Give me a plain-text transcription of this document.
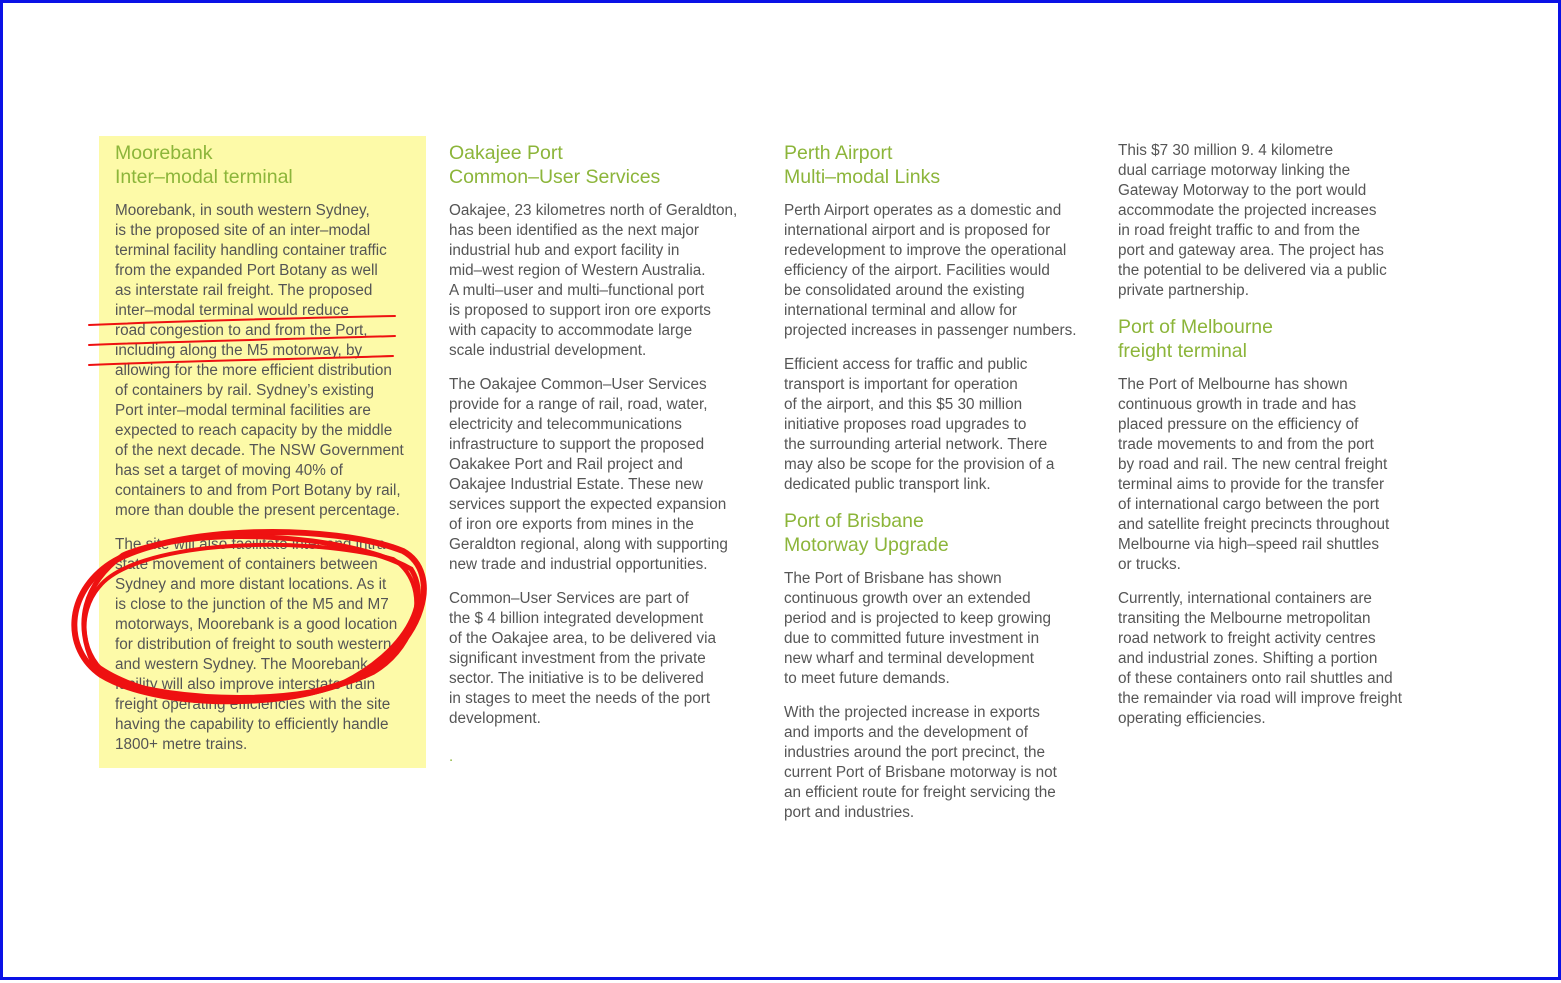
Moorebank
Inter–modal terminal

Moorebank, in south western Sydney,
is the proposed site of an inter–modal
terminal facility handling container traffic
from the expanded Port Botany as well
as interstate rail freight. The proposed
inter–modal terminal would reduce
road congestion to and from the Port,
including along the M5 motorway, by
allowing for the more efficient distribution
of containers by rail. Sydney’s existing
Port inter–modal terminal facilities are
expected to reach capacity by the middle
of the next decade. The NSW Government
has set a target of moving 40% of
containers to and from Port Botany by rail,
more than double the present percentage.

The site will also facilitate inter and intra–
state movement of containers between
Sydney and more distant locations. As it
is close to the junction of the M5 and M7
motorways, Moorebank is a good location
for distribution of freight to south western
and western Sydney. The Moorebank
facility will also improve interstate train
freight operating efficiencies with the site
having the capability to efficiently handle
1800+ metre trains.

Oakajee Port
Common–User Services

Oakajee, 23 kilometres north of Geraldton,
has been identified as the next major
industrial hub and export facility in
mid–west region of Western Australia.
A multi–user and multi–functional port
is proposed to support iron ore exports
with capacity to accommodate large
scale industrial development.

The Oakajee Common–User Services
provide for a range of rail, road, water,
electricity and telecommunications
infrastructure to support the proposed
Oakakee Port and Rail project and
Oakajee Industrial Estate. These new
services support the expected expansion
of iron ore exports from mines in the
Geraldton regional, along with supporting
new trade and industrial opportunities.

Common–User Services are part of
the $ 4 billion integrated development
of the Oakajee area, to be delivered via
significant investment from the private
sector. The initiative is to be delivered
in stages to meet the needs of the port
development.

Perth Airport
Multi–modal Links

Perth Airport operates as a domestic and
international airport and is proposed for
redevelopment to improve the operational
efficiency of the airport. Facilities would
be consolidated around the existing
international terminal and allow for
projected increases in passenger numbers.

Efficient access for traffic and public
transport is important for operation
of the airport, and this $5 30 million
initiative proposes road upgrades to
the surrounding arterial network. There
may also be scope for the provision of a
dedicated public transport link.

Port of Brisbane
Motorway Upgrade

The Port of Brisbane has shown
continuous growth over an extended
period and is projected to keep growing
due to committed future investment in
new wharf and terminal development
to meet future demands.

With the projected increase in exports
and imports and the development of
industries around the port precinct, the
current Port of Brisbane motorway is not
an efficient route for freight servicing the
port and industries.

This $7 30 million 9. 4 kilometre
dual carriage motorway linking the
Gateway Motorway to the port would
accommodate the projected increases
in road freight traffic to and from the
port and gateway area. The project has
the potential to be delivered via a public
private partnership.

Port of Melbourne
freight terminal

The Port of Melbourne has shown
continuous growth in trade and has
placed pressure on the efficiency of
trade movements to and from the port
by road and rail. The new central freight
terminal aims to provide for the transfer
of international cargo between the port
and satellite freight precincts throughout
Melbourne via high–speed rail shuttles
or trucks.

Currently, international containers are
transiting the Melbourne metropolitan
road network to freight activity centres
and industrial zones. Shifting a portion
of these containers onto rail shuttles and
the remainder via road will improve freight
operating efficiencies.

.
